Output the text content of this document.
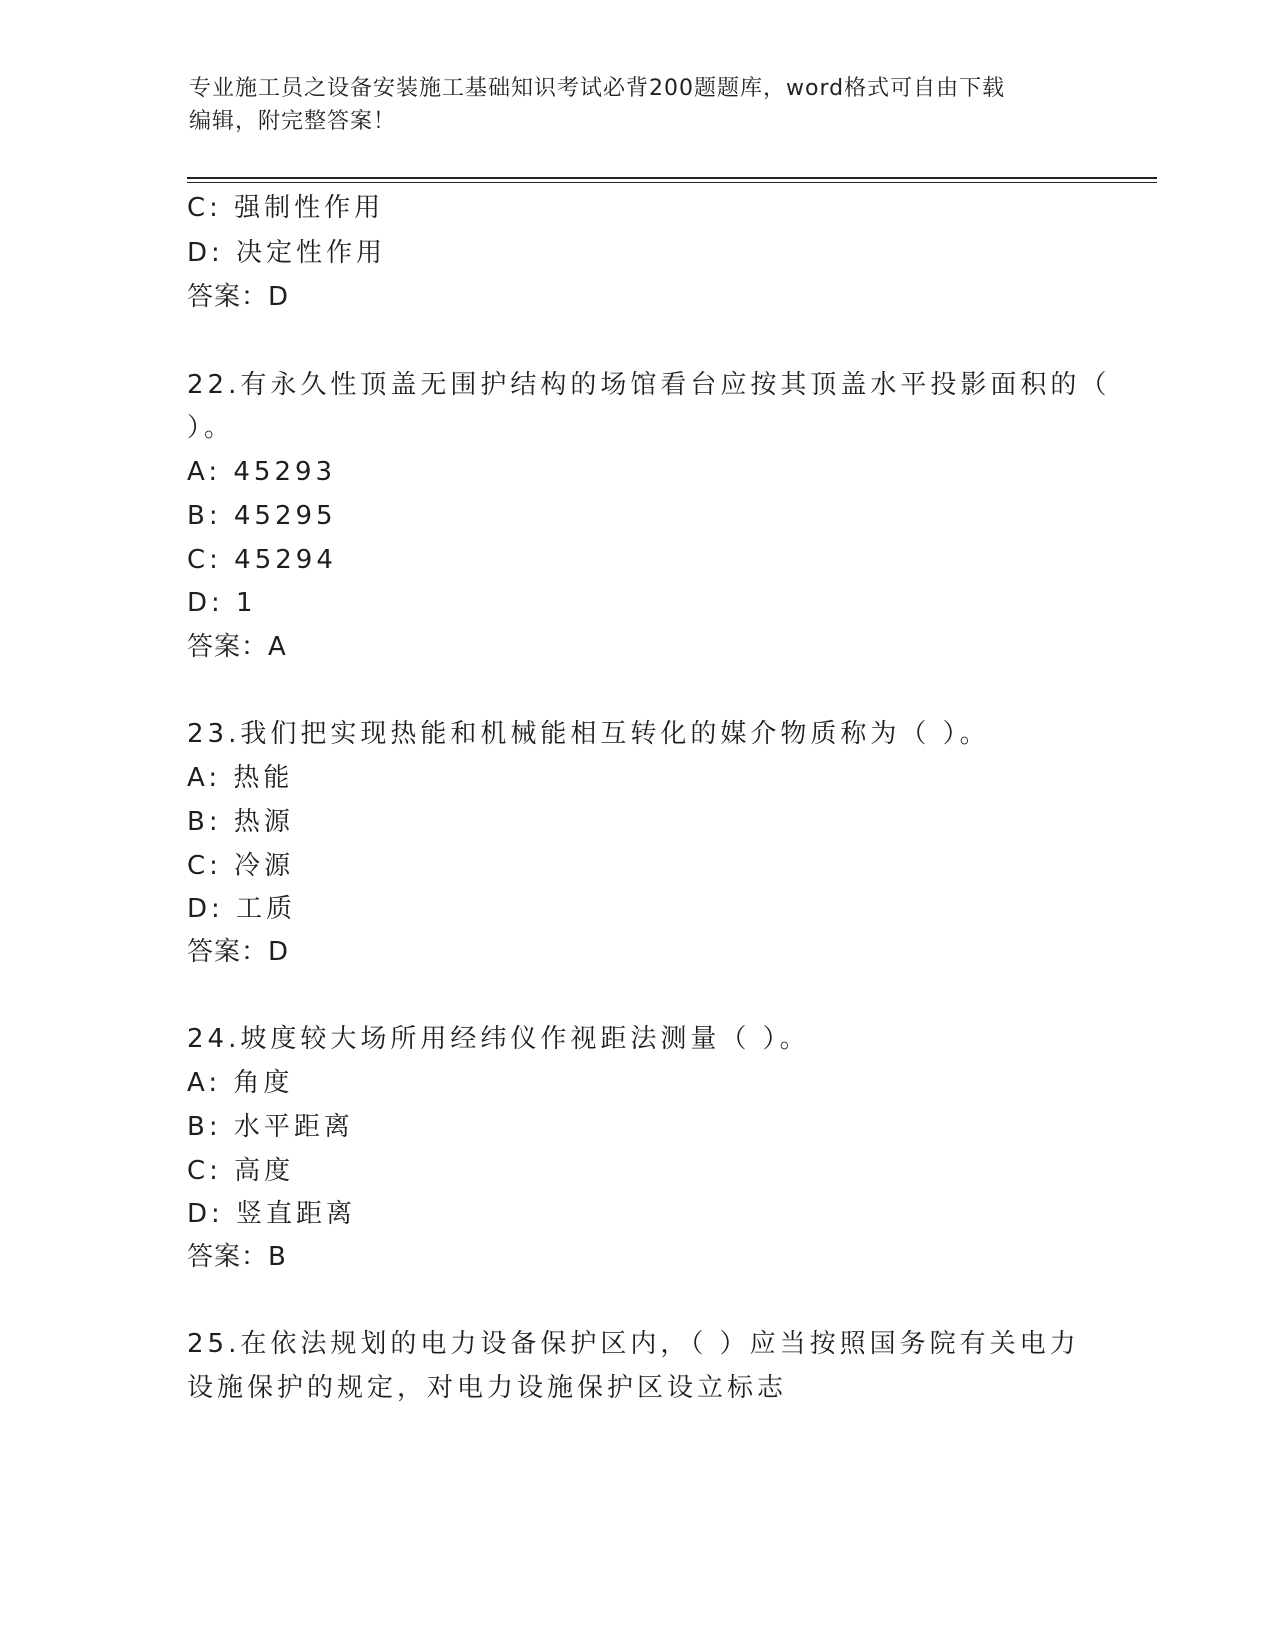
专业施工员之设备安装施工基础知识考试必背200题题库，word格式可自由下载
编辑，附完整答案！
C: 强制性作用
D: 决定性作用
答案：D
22.有永久性顶盖无围护结构的场馆看台应按其顶盖水平投影面积的（
）。
A: 45293
B: 45295
C: 45294
D: 1
答案：A
23.我们把实现热能和机械能相互转化的媒介物质称为（ ）。
A: 热能
B: 热源
C: 冷源
D: 工质
答案：D
24.坡度较大场所用经纬仪作视距法测量（ ）。
A: 角度
B: 水平距离
C: 高度
D: 竖直距离
答案：B
25.在依法规划的电力设备保护区内，（ ）应当按照国务院有关电力
设施保护的规定，对电力设施保护区设立标志
